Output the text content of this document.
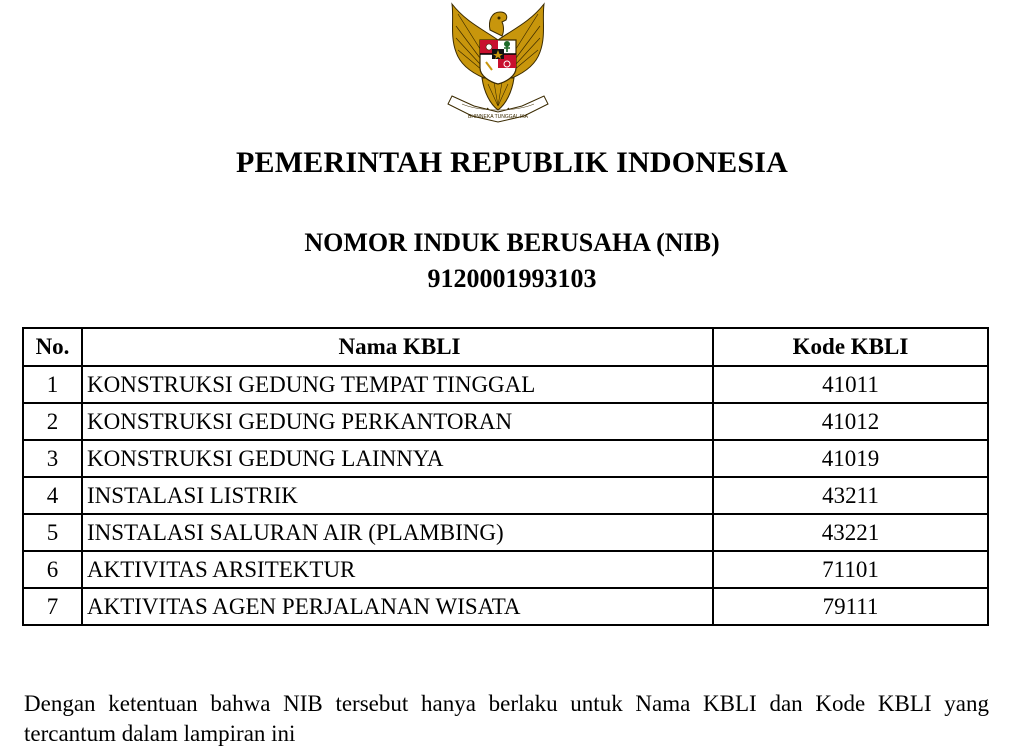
BHINNEKA TUNGGAL IKA
PEMERINTAH REPUBLIK INDONESIA
NOMOR INDUK BERUSAHA (NIB)
9120001993103
No.	Nama KBLI	Kode KBLI
1	KONSTRUKSI GEDUNG TEMPAT TINGGAL	41011
2	KONSTRUKSI GEDUNG PERKANTORAN	41012
3	KONSTRUKSI GEDUNG LAINNYA	41019
4	INSTALASI LISTRIK	43211
5	INSTALASI SALURAN AIR (PLAMBING)	43221
6	AKTIVITAS ARSITEKTUR	71101
7	AKTIVITAS AGEN PERJALANAN WISATA	79111
Dengan ketentuan bahwa NIB tersebut hanya berlaku untuk Nama KBLI dan Kode KBLI yang tercantum dalam lampiran ini
